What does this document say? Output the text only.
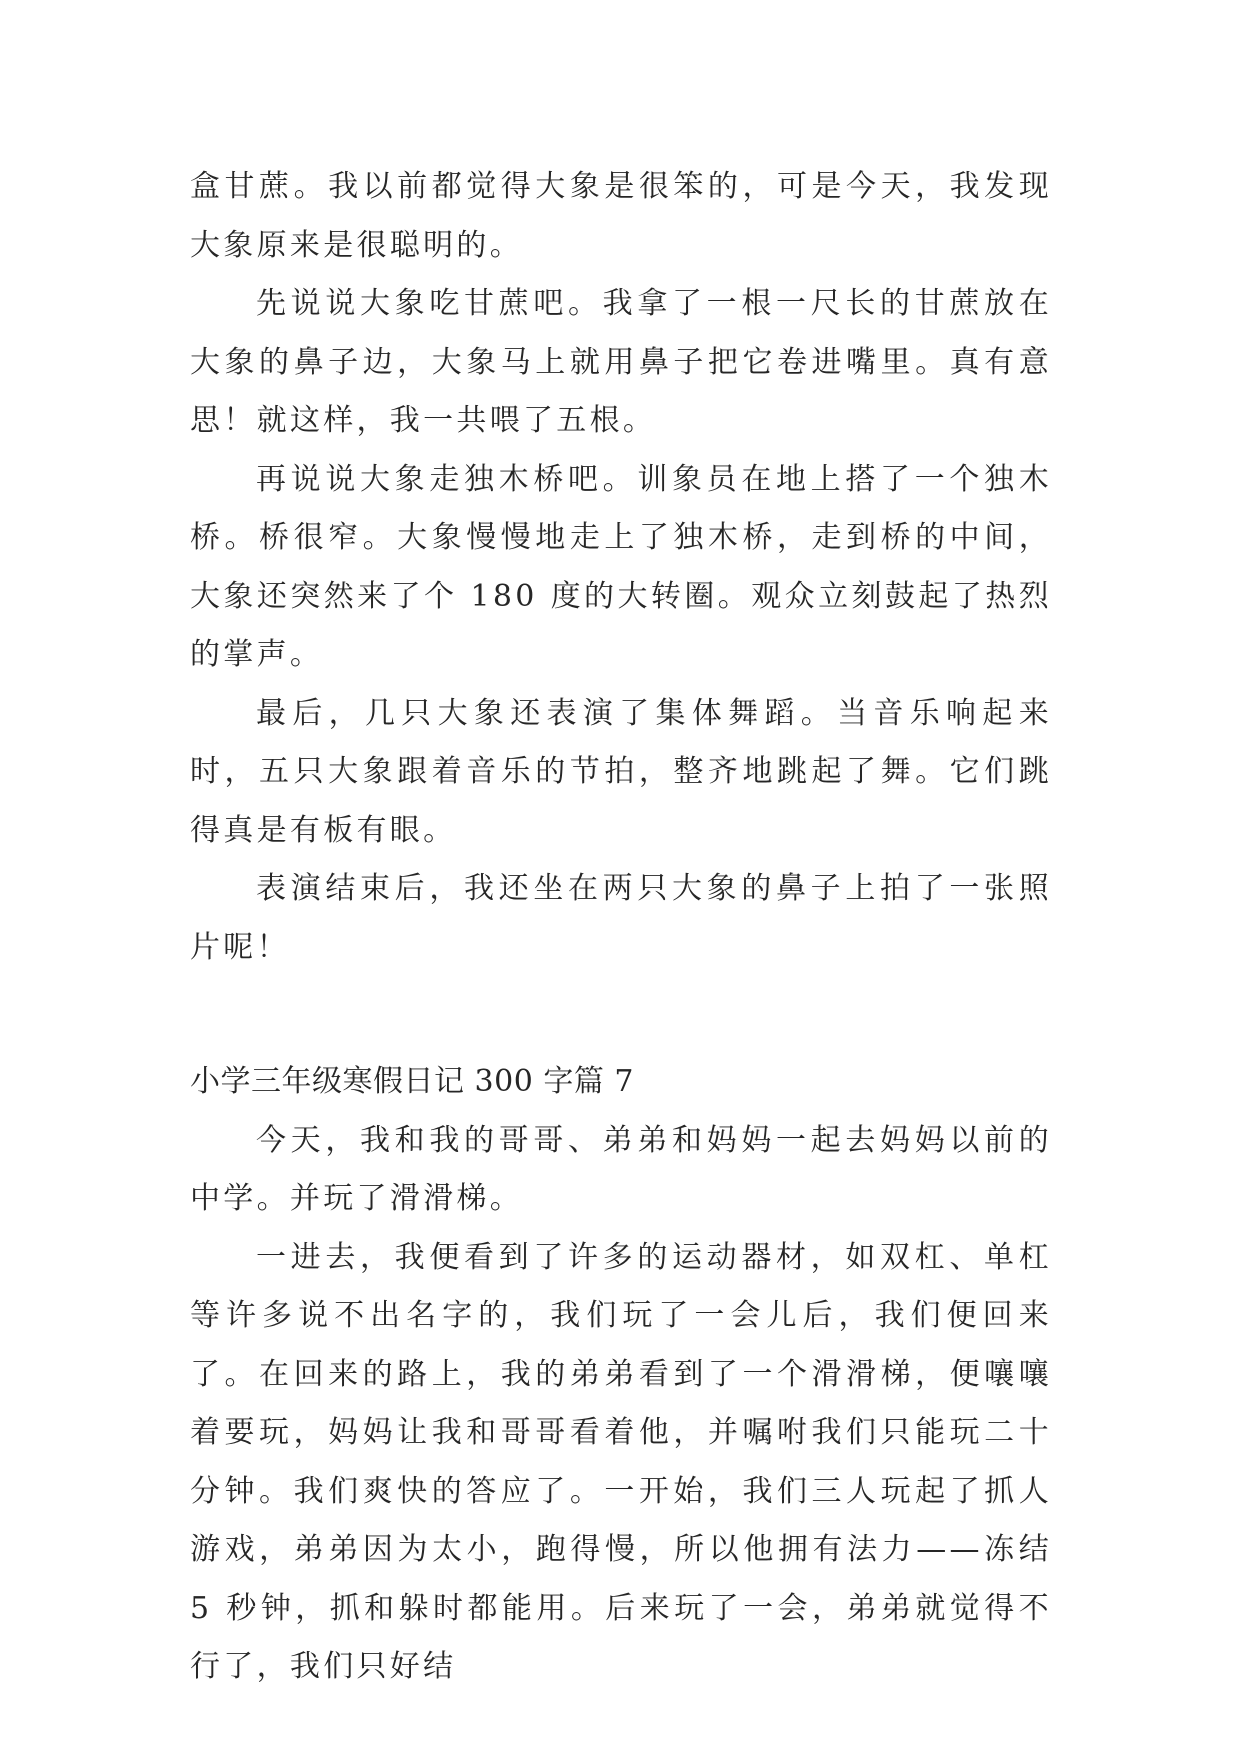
盒甘蔗。我以前都觉得大象是很笨的，可是今天，我发现大象原来是很聪明的。

先说说大象吃甘蔗吧。我拿了一根一尺长的甘蔗放在大象的鼻子边，大象马上就用鼻子把它卷进嘴里。真有意思！就这样，我一共喂了五根。

再说说大象走独木桥吧。训象员在地上搭了一个独木桥。桥很窄。大象慢慢地走上了独木桥，走到桥的中间，大象还突然来了个 180 度的大转圈。观众立刻鼓起了热烈的掌声。

最后，几只大象还表演了集体舞蹈。当音乐响起来时，五只大象跟着音乐的节拍，整齐地跳起了舞。它们跳得真是有板有眼。

表演结束后，我还坐在两只大象的鼻子上拍了一张照片呢！

小学三年级寒假日记 300 字篇 7

今天，我和我的哥哥、弟弟和妈妈一起去妈妈以前的中学。并玩了滑滑梯。

一进去，我便看到了许多的运动器材，如双杠、单杠等许多说不出名字的，我们玩了一会儿后，我们便回来了。在回来的路上，我的弟弟看到了一个滑滑梯，便嚷嚷着要玩，妈妈让我和哥哥看着他，并嘱咐我们只能玩二十分钟。我们爽快的答应了。一开始，我们三人玩起了抓人游戏，弟弟因为太小，跑得慢，所以他拥有法力——冻结 5 秒钟，抓和躲时都能用。后来玩了一会，弟弟就觉得不行了，我们只好结
